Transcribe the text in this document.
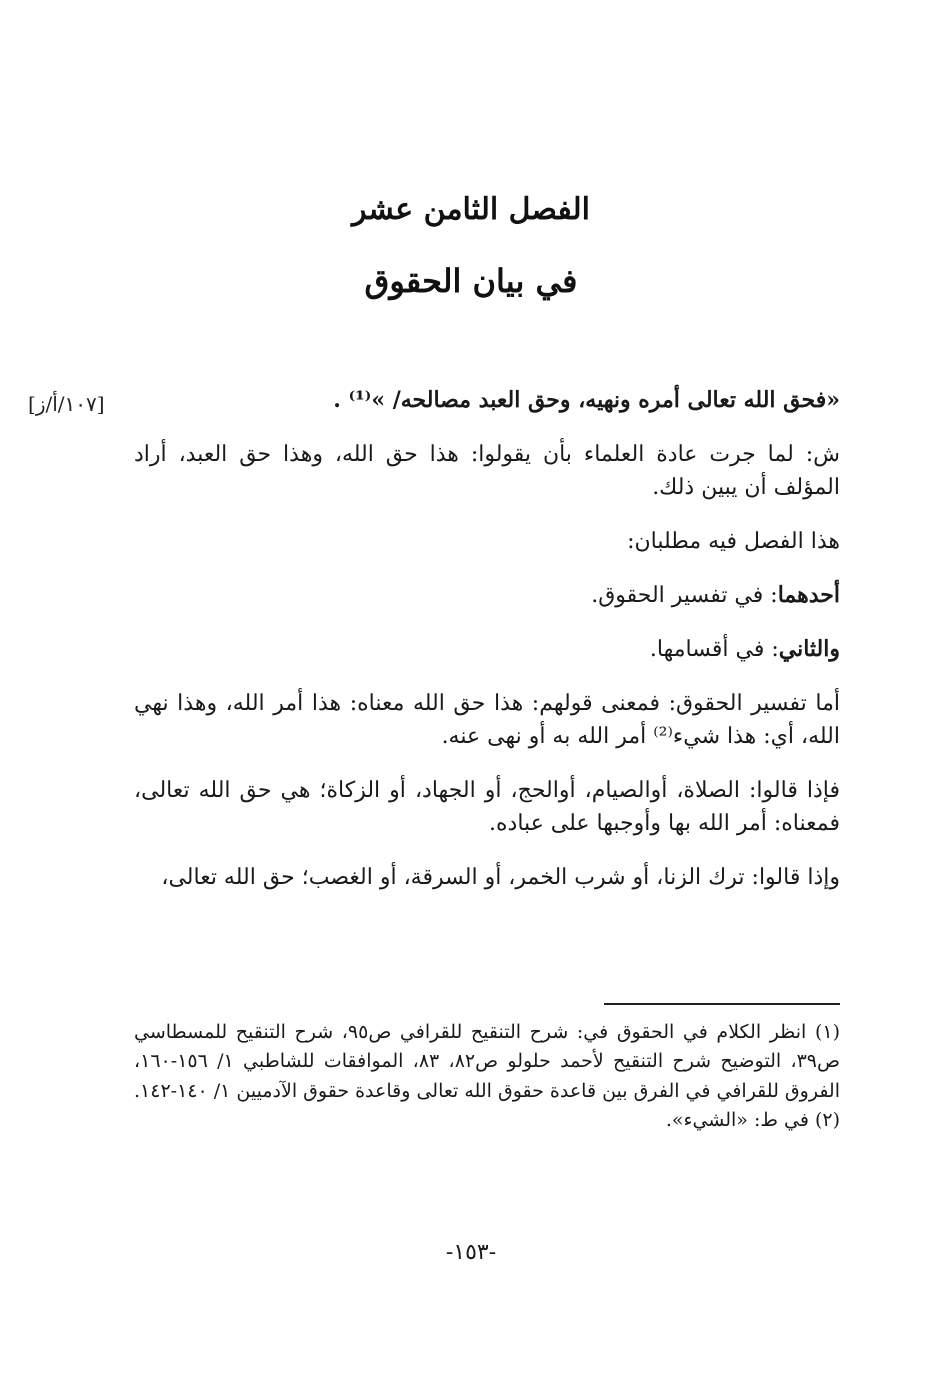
الفصل الثامن عشر
في بيان الحقوق
[١٠٧/أ/ز]	«فحق الله تعالى أمره ونهيه، وحق العبد مصالحه/ »⁽¹⁾ .

ش: لما جرت عادة العلماء بأن يقولوا: هذا حق الله، وهذا حق العبد، أراد المؤلف أن يبين ذلك.

هذا الفصل فيه مطلبان:

أحدهما: في تفسير الحقوق.

والثاني: في أقسامها.

أما تفسير الحقوق: فمعنى قولهم: هذا حق الله معناه: هذا أمر الله، وهذا نهي الله، أي: هذا شيء⁽²⁾ أمر الله به أو نهى عنه.

فإذا قالوا: الصلاة، أوالصيام، أوالحج، أو الجهاد، أو الزكاة؛ هي حق الله تعالى، فمعناه: أمر الله بها وأوجبها على عباده.

وإذا قالوا: ترك الزنا، أو شرب الخمر، أو السرقة، أو الغصب؛ حق الله تعالى،

(١) انظر الكلام في الحقوق في: شرح التنقيح للقرافي ص٩٥، شرح التنقيح للمسطاسي ص٣٩، التوضيح شرح التنقيح لأحمد حلولو ص٨٢، ٨٣، الموافقات للشاطبي ١/ ١٥٦-١٦٠، الفروق للقرافي في الفرق بين قاعدة حقوق الله تعالى وقاعدة حقوق الآدميين ١/ ١٤٠-١٤٢.

(٢) في ط: «الشيء».

-١٥٣-
